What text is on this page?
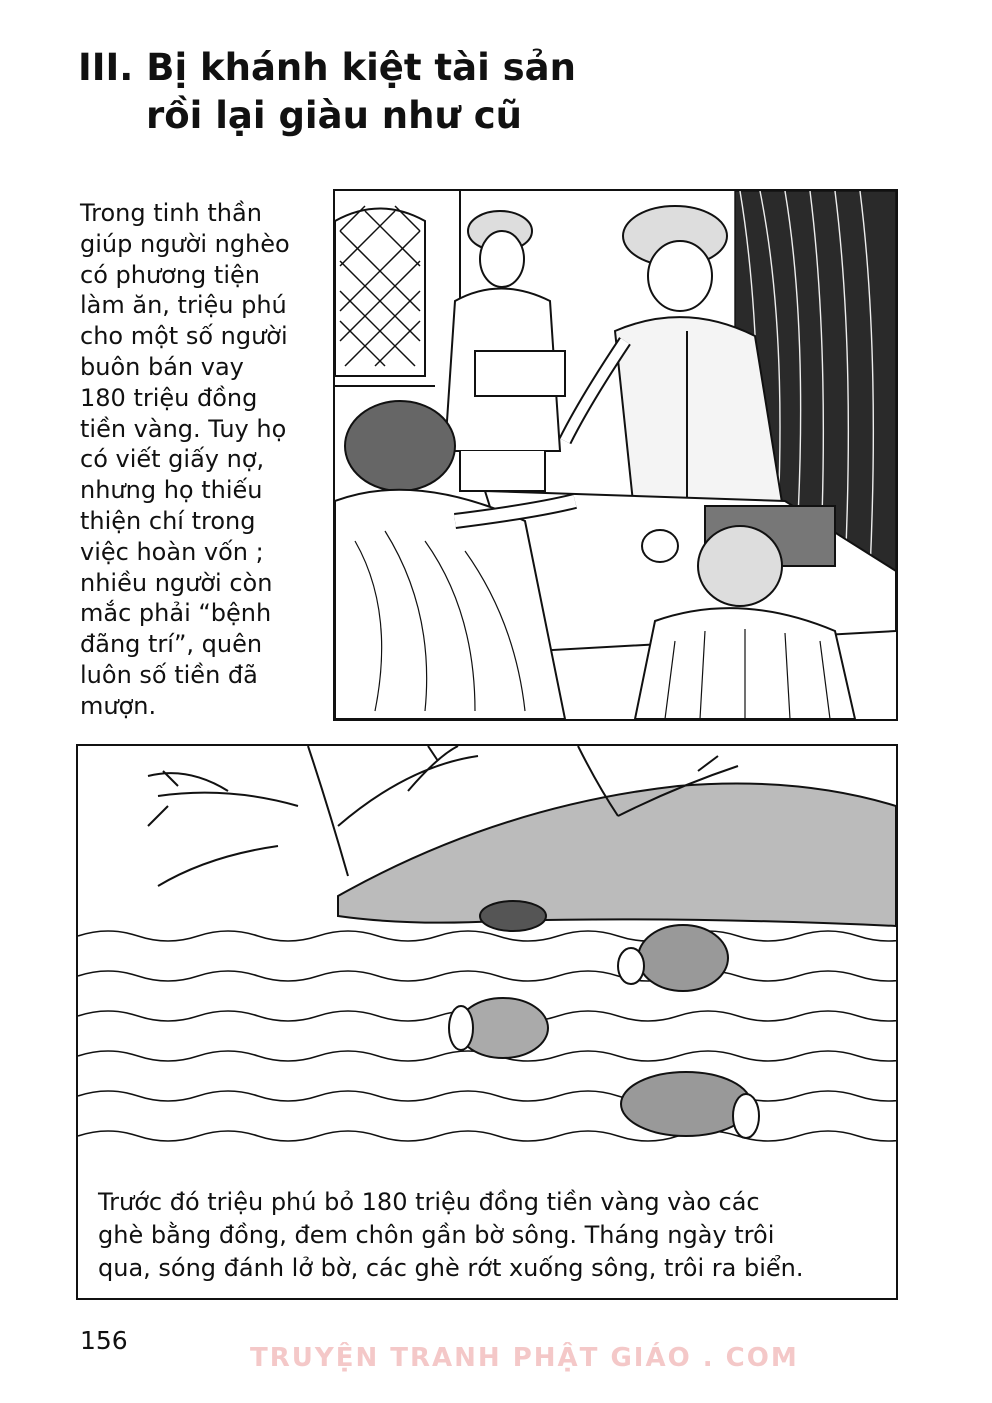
III. Bị khánh kiệt tài sản
rồi lại giàu như cũ

Trong tinh thần
giúp người nghèo
có phương tiện
làm ăn, triệu phú
cho một số người
buôn bán vay
180 triệu đồng
tiền vàng. Tuy họ
có viết giấy nợ,
nhưng họ thiếu
thiện chí trong
việc hoàn vốn ;
nhiều người còn
mắc phải “bệnh
đãng trí”, quên
luôn số tiền đã
mượn.

Trước đó triệu phú bỏ 180 triệu đồng tiền vàng vào các
ghè bằng đồng, đem chôn gần bờ sông. Tháng ngày trôi
qua, sóng đánh lở bờ, các ghè rớt xuống sông, trôi ra biển.

156
TRUYỆN TRANH PHẬT GIÁO . COM
